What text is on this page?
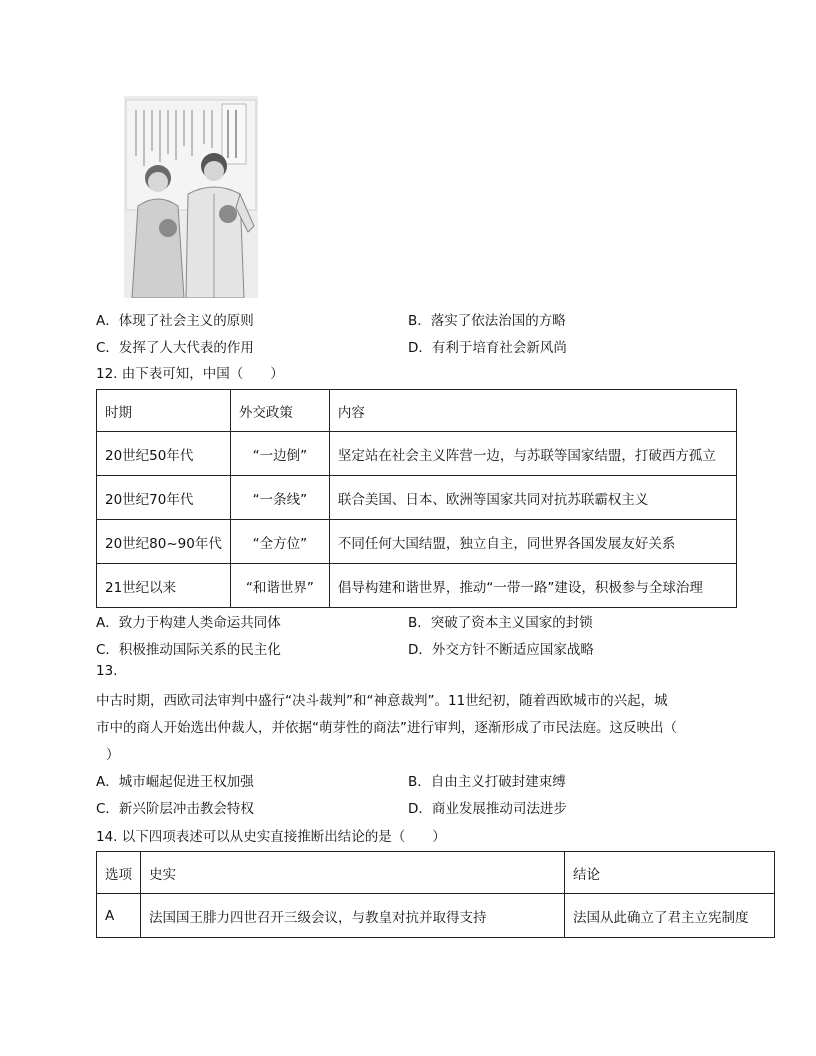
A．体现了社会主义的原则	B．落实了依法治国的方略
C．发挥了人大代表的作用	D．有利于培育社会新风尚
12. 由下表可知，中国（　　）
时期	外交政策	内容
20世纪50年代	“一边倒”	坚定站在社会主义阵营一边，与苏联等国家结盟，打破西方孤立
20世纪70年代	“一条线”	联合美国、日本、欧洲等国家共同对抗苏联霸权主义
20世纪80~90年代	“全方位”	不同任何大国结盟，独立自主，同世界各国发展友好关系
21世纪以来	“和谐世界”	倡导构建和谐世界，推动“一带一路”建设，积极参与全球治理
A．致力于构建人类命运共同体	B．突破了资本主义国家的封锁
C．积极推动国际关系的民主化	D．外交方针不断适应国家战略
13.
中古时期，西欧司法审判中盛行“决斗裁判”和“神意裁判”。11世纪初，随着西欧城市的兴起，城
市中的商人开始选出仲裁人，并依据“萌芽性的商法”进行审判，逐渐形成了市民法庭。这反映出（
）
A．城市崛起促进王权加强	B．自由主义打破封建束缚
C．新兴阶层冲击教会特权	D．商业发展推动司法进步
14. 以下四项表述可以从史实直接推断出结论的是（　　）
选项	史实	结论
A	法国国王腓力四世召开三级会议，与教皇对抗并取得支持	法国从此确立了君主立宪制度
